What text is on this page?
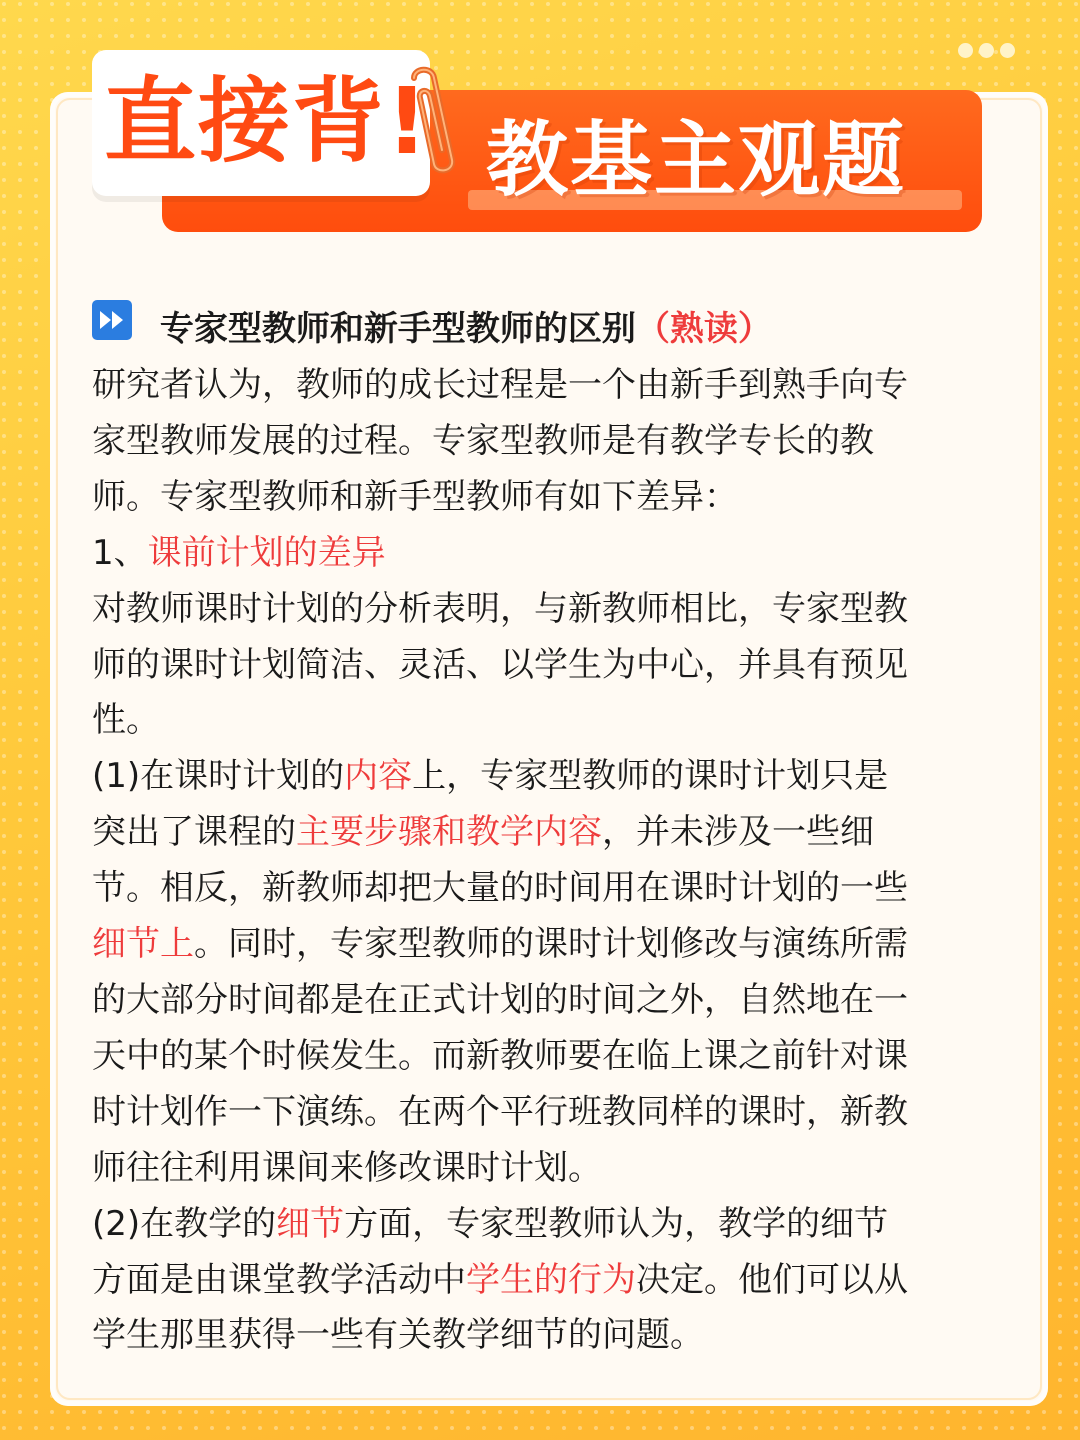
教基主观题
直接背!
专家型教师和新手型教师的区别（熟读）
研究者认为，教师的成长过程是一个由新手到熟手向专
家型教师发展的过程。专家型教师是有教学专长的教
师。专家型教师和新手型教师有如下差异：
1、课前计划的差异
对教师课时计划的分析表明，与新教师相比，专家型教
师的课时计划简洁、灵活、以学生为中心，并具有预见
性。
(1)在课时计划的内容上，专家型教师的课时计划只是
突出了课程的主要步骤和教学内容，并未涉及一些细
节。相反，新教师却把大量的时间用在课时计划的一些
细节上。同时，专家型教师的课时计划修改与演练所需
的大部分时间都是在正式计划的时间之外，自然地在一
天中的某个时候发生。而新教师要在临上课之前针对课
时计划作一下演练。在两个平行班教同样的课时，新教
师往往利用课间来修改课时计划。
(2)在教学的细节方面，专家型教师认为，教学的细节
方面是由课堂教学活动中学生的行为决定。他们可以从
学生那里获得一些有关教学细节的问题。
